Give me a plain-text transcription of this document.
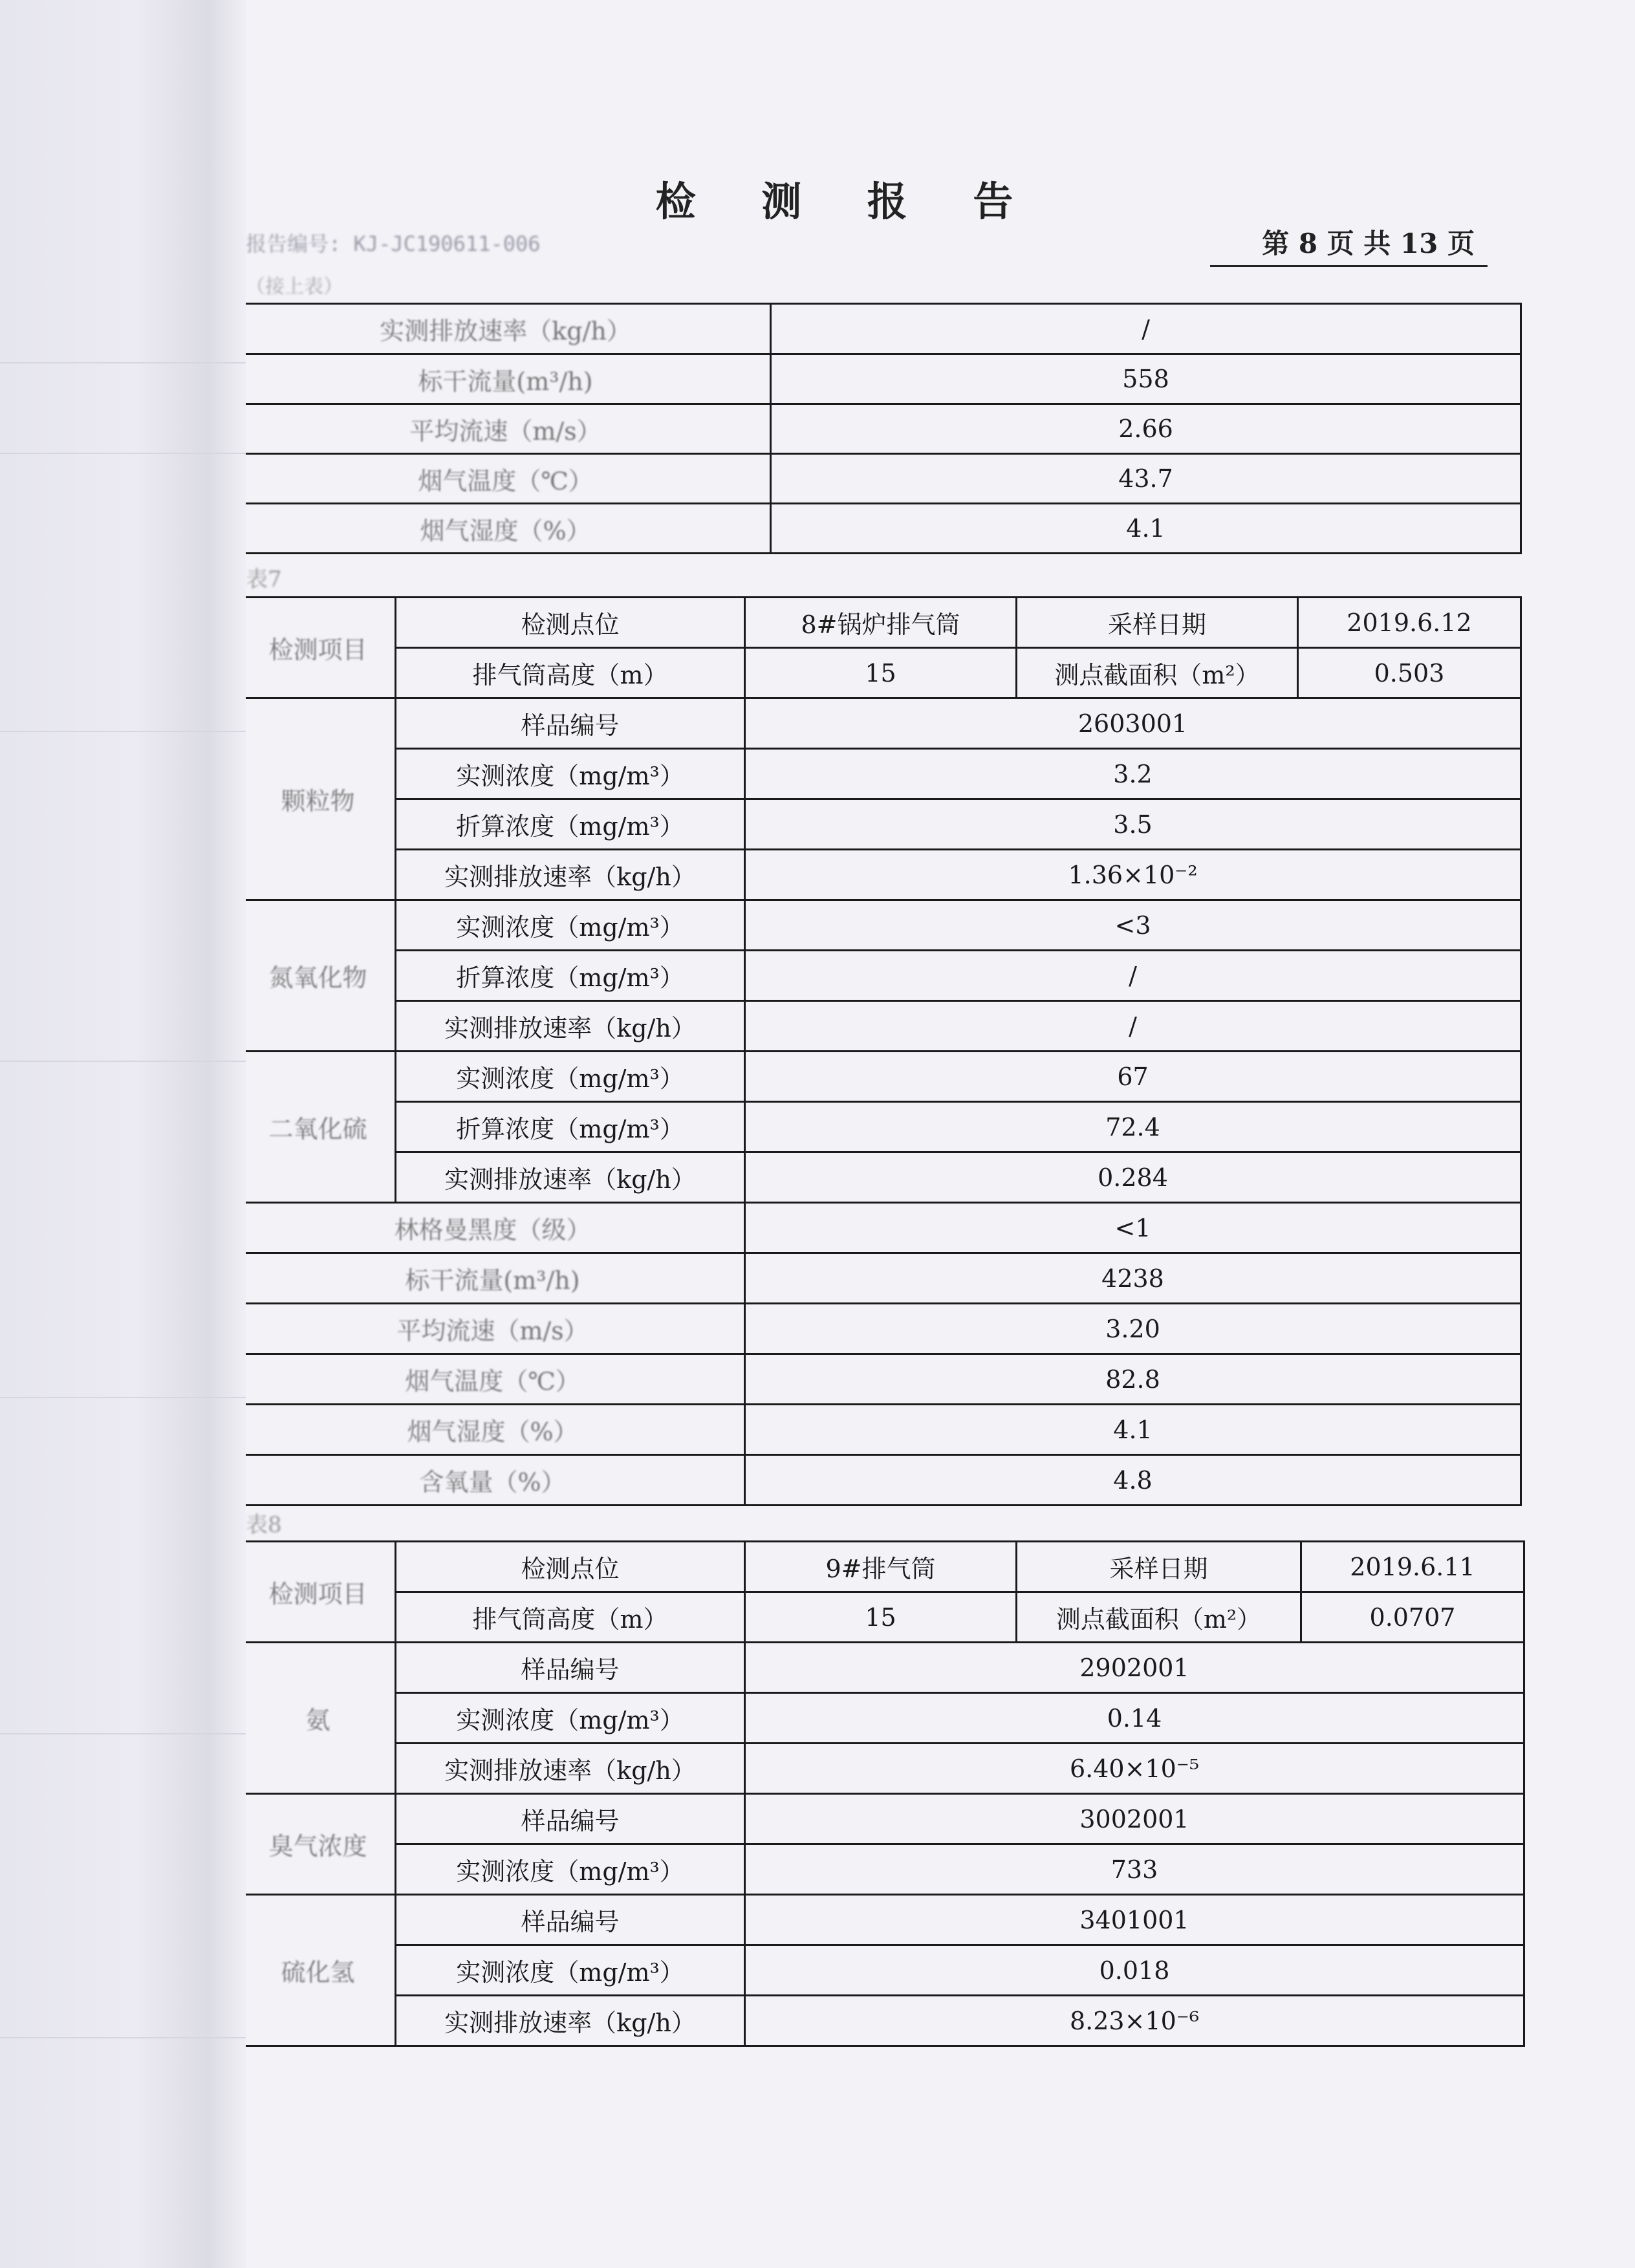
检 测 报 告
报告编号: KJ-JC190611-006	第 8 页 共 13 页
（接上表）
实测排放速率（kg/h）	/
标干流量(m³/h)	558
平均流速（m/s）	2.66
烟气温度（℃）	43.7
烟气湿度（%）	4.1
表7
检测项目	检测点位	8#锅炉排气筒	采样日期	2019.6.12
	排气筒高度（m）	15	测点截面积（m²）	0.503
颗粒物	样品编号	2603001		
	实测浓度（mg/m³）	3.2		
	折算浓度（mg/m³）	3.5		
	实测排放速率（kg/h）	1.36×10⁻²		
氮氧化物	实测浓度（mg/m³）	<3		
	折算浓度（mg/m³）	/		
	实测排放速率（kg/h）	/		
二氧化硫	实测浓度（mg/m³）	67		
	折算浓度（mg/m³）	72.4		
	实测排放速率（kg/h）	0.284		
林格曼黑度（级）		<1		
标干流量(m³/h)		4238		
平均流速（m/s）		3.20		
烟气温度（℃）		82.8		
烟气湿度（%）		4.1		
含氧量（%）		4.8		
表8
检测项目	检测点位	9#排气筒	采样日期	2019.6.11
	排气筒高度（m）	15	测点截面积（m²）	0.0707
氨	样品编号	2902001		
	实测浓度（mg/m³）	0.14		
	实测排放速率（kg/h）	6.40×10⁻⁵		
臭气浓度	样品编号	3002001		
	实测浓度（mg/m³）	733		
硫化氢	样品编号	3401001		
	实测浓度（mg/m³）	0.018		
	实测排放速率（kg/h）	8.23×10⁻⁶		
